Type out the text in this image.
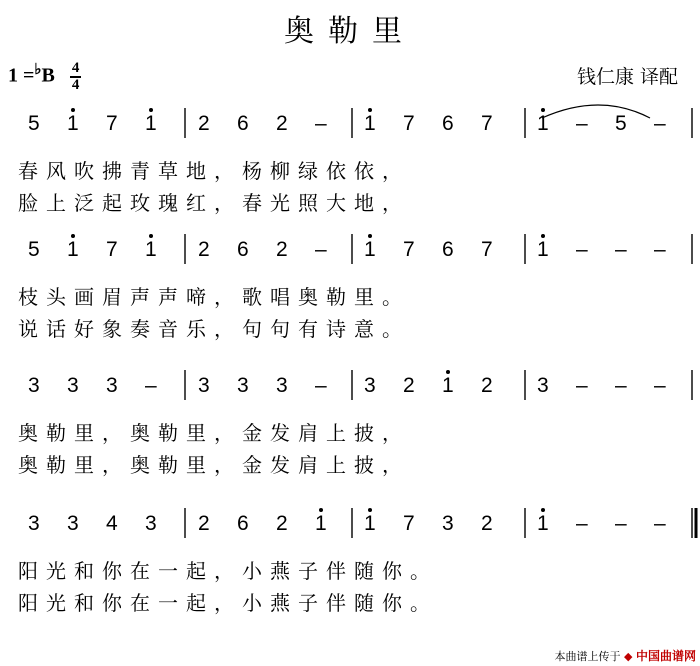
奥勒里
$1 =^♭B \frac{4}{4}$	钱仁康 译配
5 1 7 1 2 6 2 – 1 7 6 7 1 – 5 –
春 风 吹 拂 青 草 地 ， 杨 柳 绿 依 依 ，
脸 上 泛 起 玫 瑰 红 ， 春 光 照 大 地 ，
5 1 7 1 2 6 2 – 1 7 6 7 1 – – –
枝 头 画 眉 声 声 啼 ， 歌 唱 奥 勒 里 。
说 话 好 象 奏 音 乐 ， 句 句 有 诗 意 。
3 3 3 – 3 3 3 – 3 2 1 2 3 – – –
奥 勒 里 ， 奥 勒 里 ， 金 发 肩 上 披 ，
奥 勒 里 ， 奥 勒 里 ， 金 发 肩 上 披 ，
3 3 4 3 2 6 2 1 1 7 3 2 1 – – –
阳 光 和 你 在 一 起 ， 小 燕 子 伴 随 你 。
阳 光 和 你 在 一 起 ， 小 燕 子 伴 随 你 。
本曲谱上传于 ◆ 中国曲谱网
